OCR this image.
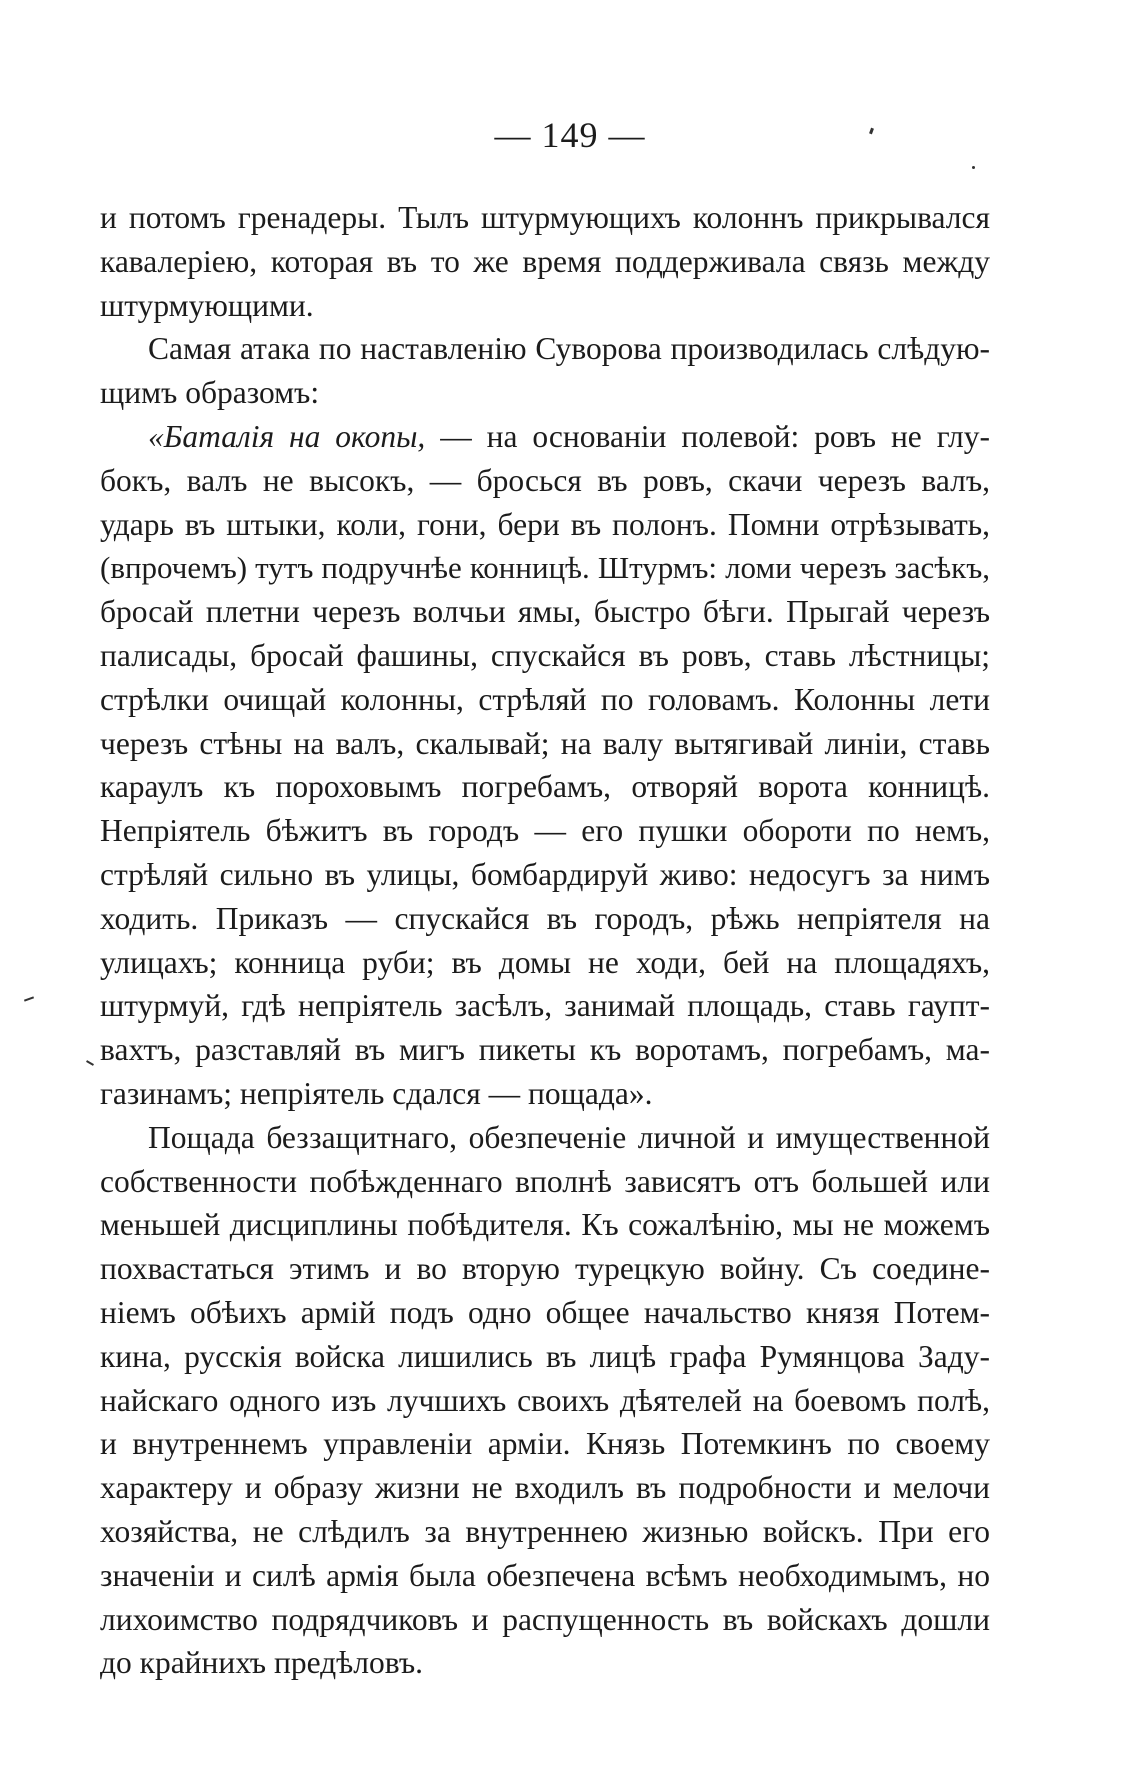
— 149 —
и потомъ гренадеры. Тылъ штурмующихъ колоннъ прикрывался
кавалеріею, которая въ то же время поддерживала связь между
штурмующими.
Самая атака по наставленію Суворова производилась слѣдую-
щимъ образомъ:
«Баталія на окопы, — на основаніи полевой: ровъ не глу-
бокъ, валъ не высокъ, — бросься въ ровъ, скачи черезъ валъ,
ударь въ штыки, коли, гони, бери въ полонъ. Помни отрѣзывать,
(впрочемъ) тутъ подручнѣе конницѣ. Штурмъ: ломи черезъ засѣкъ,
бросай плетни черезъ волчьи ямы, быстро бѣги. Прыгай черезъ
палисады, бросай фашины, спускайся въ ровъ, ставь лѣстницы;
стрѣлки очищай колонны, стрѣляй по головамъ. Колонны лети
черезъ стѣны на валъ, скалывай; на валу вытягивай линіи, ставь
караулъ къ пороховымъ погребамъ, отворяй ворота конницѣ.
Непріятель бѣжитъ въ городъ — его пушки обороти по немъ,
стрѣляй сильно въ улицы, бомбардируй живо: недосугъ за нимъ
ходить. Приказъ — спускайся въ городъ, рѣжь непріятеля на
улицахъ; конница руби; въ домы не ходи, бей на площадяхъ,
штурмуй, гдѣ непріятель засѣлъ, занимай площадь, ставь гаупт-
вахтъ, разставляй въ мигъ пикеты къ воротамъ, погребамъ, ма-
газинамъ; непріятель сдался — пощада».
Пощада беззащитнаго, обезпеченіе личной и имущественной
собственности побѣжденнаго вполнѣ зависятъ отъ большей или
меньшей дисциплины побѣдителя. Къ сожалѣнію, мы не можемъ
похвастаться этимъ и во вторую турецкую войну. Съ соедине-
ніемъ обѣихъ армій подъ одно общее начальство князя Потем-
кина, русскія войска лишились въ лицѣ графа Румянцова Заду-
найскаго одного изъ лучшихъ своихъ дѣятелей на боевомъ полѣ,
и внутреннемъ управленіи арміи. Князь Потемкинъ по своему
характеру и образу жизни не входилъ въ подробности и мелочи
хозяйства, не слѣдилъ за внутреннею жизнью войскъ. При его
значеніи и силѣ армія была обезпечена всѣмъ необходимымъ, но
лихоимство подрядчиковъ и распущенность въ войскахъ дошли
до крайнихъ предѣловъ.
